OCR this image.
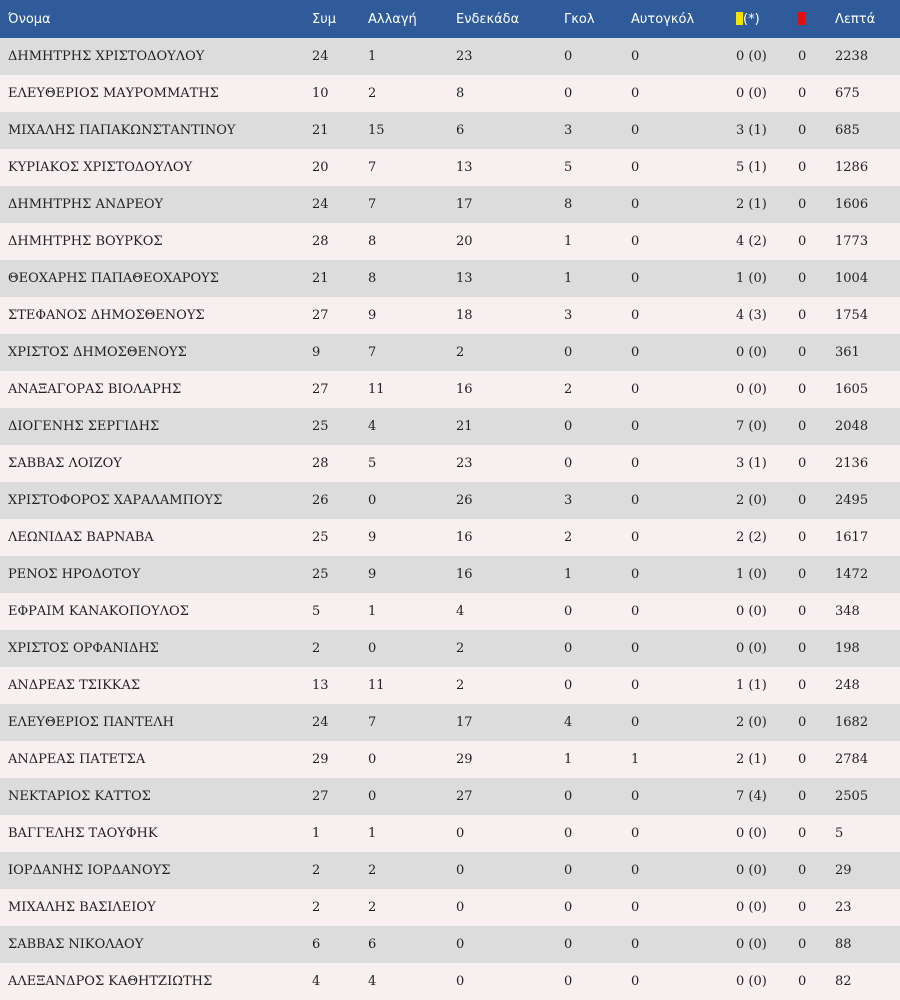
Όνομα	Συμ	Αλλαγή	Ενδεκάδα	Γκολ	Αυτογκόλ	(*)		Λεπτά
ΔΗΜΗΤΡΗΣ ΧΡΙΣΤΟΔΟΥΛΟΥ	24	1	23	0	0	0 (0)	0	2238
ΕΛΕΥΘΕΡΙΟΣ ΜΑΥΡΟΜΜΑΤΗΣ	10	2	8	0	0	0 (0)	0	675
ΜΙΧΑΛΗΣ ΠΑΠΑΚΩΝΣΤΑΝΤΙΝΟΥ	21	15	6	3	0	3 (1)	0	685
ΚΥΡΙΑΚΟΣ ΧΡΙΣΤΟΔΟΥΛΟΥ	20	7	13	5	0	5 (1)	0	1286
ΔΗΜΗΤΡΗΣ ΑΝΔΡΕΟΥ	24	7	17	8	0	2 (1)	0	1606
ΔΗΜΗΤΡΗΣ ΒΟΥΡΚΟΣ	28	8	20	1	0	4 (2)	0	1773
ΘΕΟΧΑΡΗΣ ΠΑΠΑΘΕΟΧΑΡΟΥΣ	21	8	13	1	0	1 (0)	0	1004
ΣΤΕΦΑΝΟΣ ΔΗΜΟΣΘΕΝΟΥΣ	27	9	18	3	0	4 (3)	0	1754
ΧΡΙΣΤΟΣ ΔΗΜΟΣΘΕΝΟΥΣ	9	7	2	0	0	0 (0)	0	361
ΑΝΑΞΑΓΟΡΑΣ ΒΙΟΛΑΡΗΣ	27	11	16	2	0	0 (0)	0	1605
ΔΙΟΓΕΝΗΣ ΣΕΡΓΙΔΗΣ	25	4	21	0	0	7 (0)	0	2048
ΣΑΒΒΑΣ ΛΟΙΖΟΥ	28	5	23	0	0	3 (1)	0	2136
ΧΡΙΣΤΟΦΟΡΟΣ ΧΑΡΑΛΑΜΠΟΥΣ	26	0	26	3	0	2 (0)	0	2495
ΛΕΩΝΙΔΑΣ ΒΑΡΝΑΒΑ	25	9	16	2	0	2 (2)	0	1617
ΡΕΝΟΣ ΗΡΟΔΟΤΟΥ	25	9	16	1	0	1 (0)	0	1472
ΕΦΡΑΙΜ ΚΑΝΑΚΟΠΟΥΛΟΣ	5	1	4	0	0	0 (0)	0	348
ΧΡΙΣΤΟΣ ΟΡΦΑΝΙΔΗΣ	2	0	2	0	0	0 (0)	0	198
ΑΝΔΡΕΑΣ ΤΣΙΚΚΑΣ	13	11	2	0	0	1 (1)	0	248
ΕΛΕΥΘΕΡΙΟΣ ΠΑΝΤΕΛΗ	24	7	17	4	0	2 (0)	0	1682
ΑΝΔΡΕΑΣ ΠΑΤΕΤΣΑ	29	0	29	1	1	2 (1)	0	2784
ΝΕΚΤΑΡΙΟΣ ΚΑΤΤΟΣ	27	0	27	0	0	7 (4)	0	2505
ΒΑΓΓΕΛΗΣ ΤΑΟΥΦΗΚ	1	1	0	0	0	0 (0)	0	5
ΙΟΡΔΑΝΗΣ ΙΟΡΔΑΝΟΥΣ	2	2	0	0	0	0 (0)	0	29
ΜΙΧΑΛΗΣ ΒΑΣΙΛΕΙΟΥ	2	2	0	0	0	0 (0)	0	23
ΣΑΒΒΑΣ ΝΙΚΟΛΑΟΥ	6	6	0	0	0	0 (0)	0	88
ΑΛΕΞΑΝΔΡΟΣ ΚΑΘΗΤΖΙΩΤΗΣ	4	4	0	0	0	0 (0)	0	82
